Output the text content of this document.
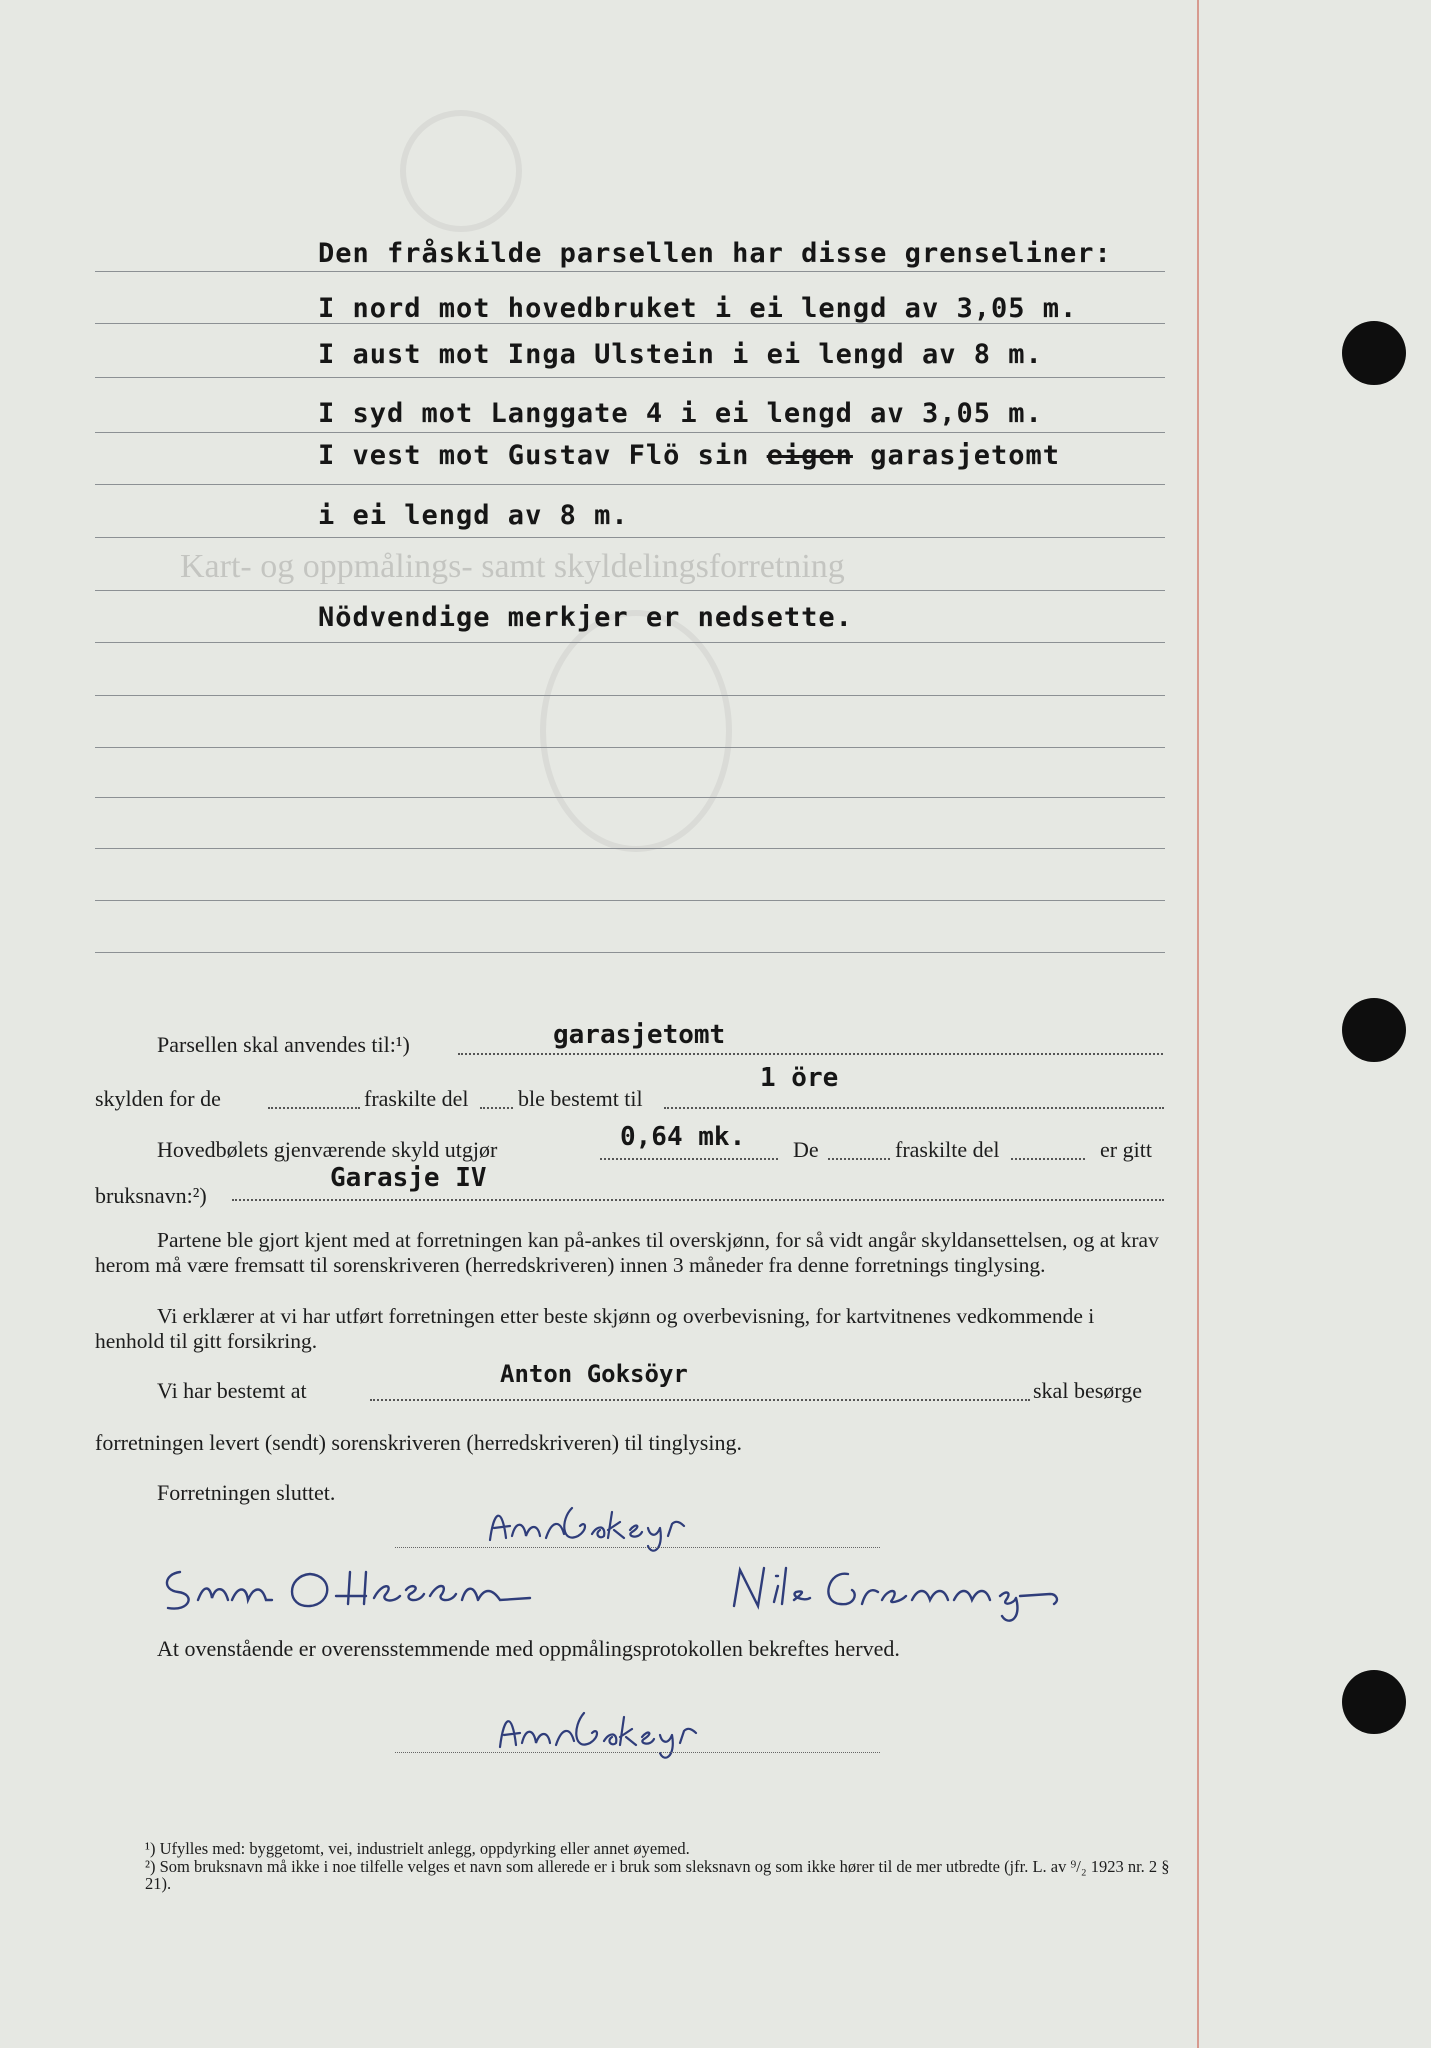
Kart- og oppmålings- samt skyldelingsforretning
Den fråskilde parsellen har disse grenseliner:
I nord mot hovedbruket i ei lengd av 3,05 m.
I aust mot Inga Ulstein i ei lengd av 8 m.
I syd mot Langgate 4 i ei lengd av 3,05 m.
I vest mot Gustav Flö sin eigen garasjetomt
i ei lengd av 8 m.
Nödvendige merkjer er nedsette.
Parsellen skal anvendes til:¹)	garasjetomt
skylden for de	fraskilte del ble bestemt til
1 öre
0,64 mk.
Hovedbølets gjenværende skyld utgjør	De	fraskilte del	er gitt
Garasje IV
bruksnavn:²)
Partene ble gjort kjent med at forretningen kan på-ankes til overskjønn, for så vidt angår skyldansettelsen, og at krav herom må være fremsatt til sorenskriveren (herredskriveren) innen 3 måneder fra denne forretnings tinglysing.
Vi erklærer at vi har utført forretningen etter beste skjønn og overbevisning, for kartvitnenes vedkommende i henhold til gitt forsikring.
Vi har bestemt at
Anton Goksöyr
skal besørge
forretningen levert (sendt) sorenskriveren (herredskriveren) til tinglysing.
Forretningen sluttet.
At ovenstående er overensstemmende med oppmålingsprotokollen bekreftes herved.
¹) Ufylles med: byggetomt, vei, industrielt anlegg, oppdyrking eller annet øyemed.
²) Som bruksnavn må ikke i noe tilfelle velges et navn som allerede er i bruk som sleksnavn og som ikke hører til de mer utbredte (jfr. L. av ⁹/₂ 1923 nr. 2 § 21).
